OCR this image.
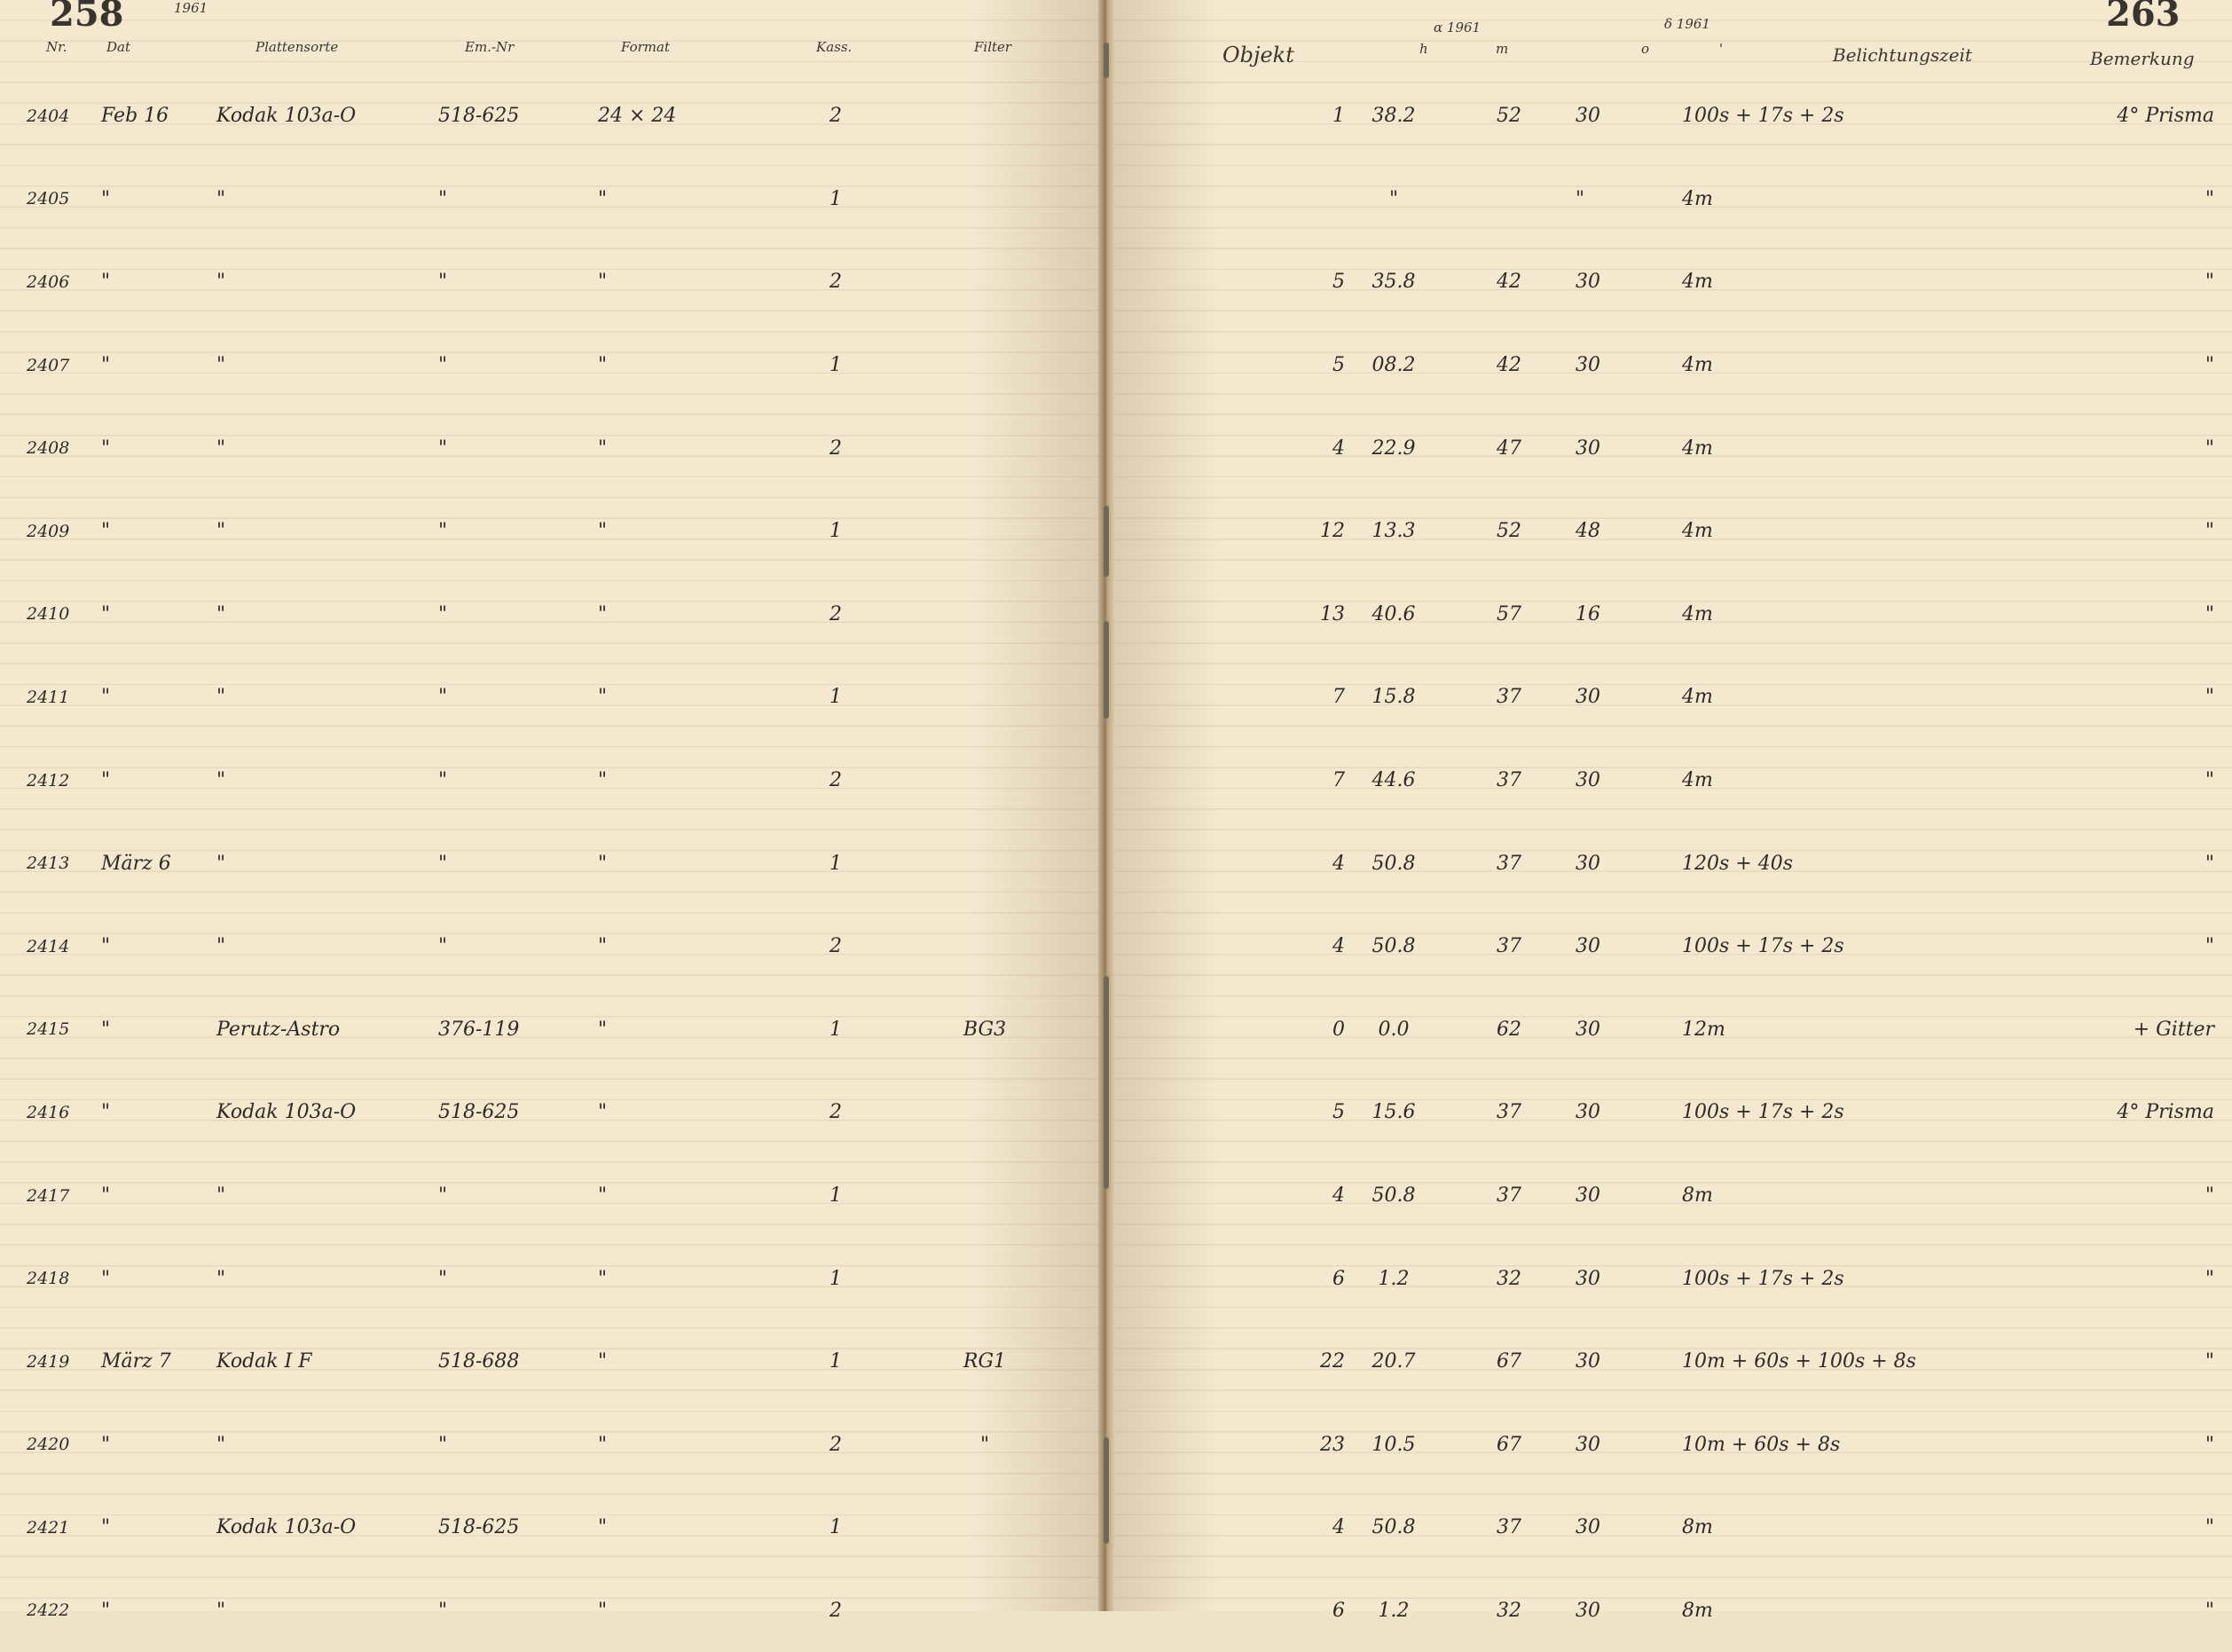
258	1961
Nr.	Dat	Plattensorte	Em.-Nr	Format	Kass.	Filter
2404	Feb 16	Kodak 103a-O	518-625	24 × 24	2	
2405	"	"	"	"	1	
2406	"	"	"	"	2	
2407	"	"	"	"	1	
2408	"	"	"	"	2	
2409	"	"	"	"	1	
2410	"	"	"	"	2	
2411	"	"	"	"	1	
2412	"	"	"	"	2	
2413	März 6	"	"	"	1	
2414	"	"	"	"	2	
2415	"	Perutz-Astro	376-119	"	1	BG3
2416	"	Kodak 103a-O	518-625	"	2	
2417	"	"	"	"	1	
2418	"	"	"	"	1	
2419	März 7	Kodak I F	518-688	"	1	RG1
2420	"	"	"	"	2	"
2421	"	Kodak 103a-O	518-625	"	1	
2422	"	"	"	"	2	
263
Objekt
α 1961
h	m
δ 1961
o	'	Belichtungszeit	Bemerkung
1	38.2	52	30	100s + 17s + 2s	4° Prisma
	"		"	4m	"
5	35.8	42	30	4m	"
5	08.2	42	30	4m	"
4	22.9	47	30	4m	"
12	13.3	52	48	4m	"
13	40.6	57	16	4m	"
7	15.8	37	30	4m	"
7	44.6	37	30	4m	"
4	50.8	37	30	120s + 40s	"
4	50.8	37	30	100s + 17s + 2s	"
0	0.0	62	30	12m	+ Gitter
5	15.6	37	30	100s + 17s + 2s	4° Prisma
4	50.8	37	30	8m	"
6	1.2	32	30	100s + 17s + 2s	"
22	20.7	67	30	10m + 60s + 100s + 8s	"
23	10.5	67	30	10m + 60s + 8s	"
4	50.8	37	30	8m	"
6	1.2	32	30	8m	"
